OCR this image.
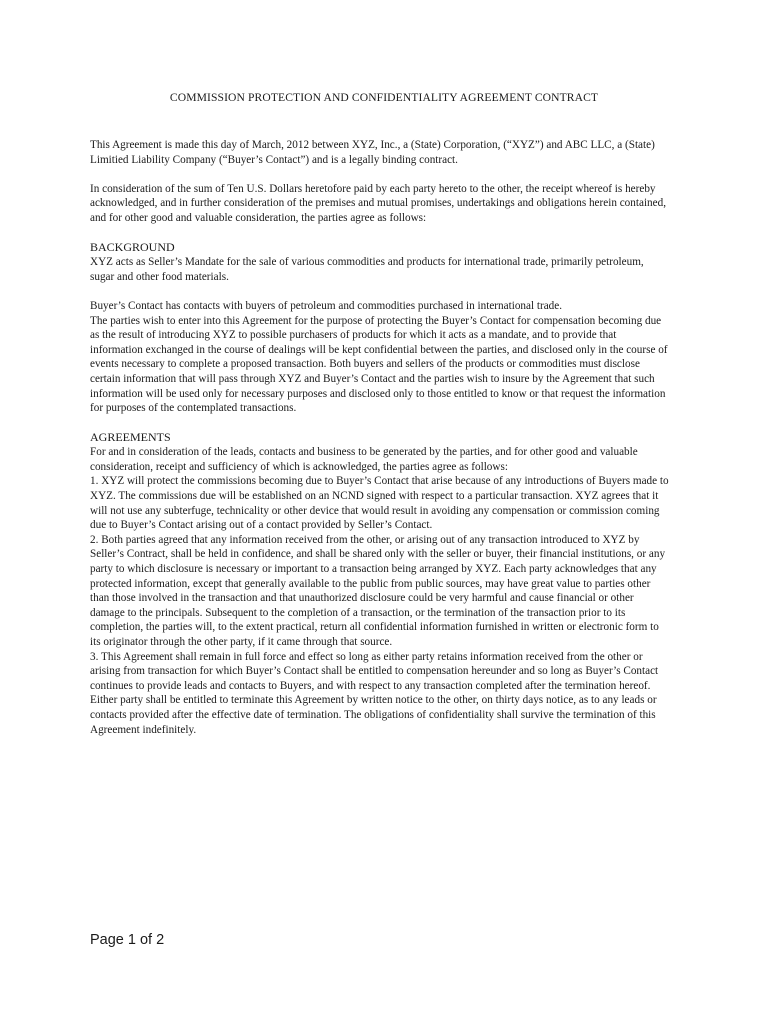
COMMISSION PROTECTION AND CONFIDENTIALITY AGREEMENT CONTRACT

This Agreement is made this day of March, 2012 between XYZ, Inc., a (State) Corporation, (“XYZ”) and ABC LLC, a (State) Limitied Liability Company (“Buyer’s Contact”) and is a legally binding contract.

In consideration of the sum of Ten U.S. Dollars heretofore paid by each party hereto to the other, the receipt whereof is hereby acknowledged, and in further consideration of the premises and mutual promises, undertakings and obligations herein contained, and for other good and valuable consideration, the parties agree as follows:

BACKGROUND

XYZ acts as Seller’s Mandate for the sale of various commodities and products for international trade, primarily petroleum, sugar and other food materials.

Buyer’s Contact has contacts with buyers of petroleum and commodities purchased in international trade.

The parties wish to enter into this Agreement for the purpose of protecting the Buyer’s Contact for compensation becoming due as the result of introducing XYZ to possible purchasers of products for which it acts as a mandate, and to provide that information exchanged in the course of dealings will be kept confidential between the parties, and disclosed only in the course of events necessary to complete a proposed transaction. Both buyers and sellers of the products or commodities must disclose certain information that will pass through XYZ and Buyer’s Contact and the parties wish to insure by the Agreement that such information will be used only for necessary purposes and disclosed only to those entitled to know or that request the information for purposes of the contemplated transactions.

AGREEMENTS

For and in consideration of the leads, contacts and business to be generated by the parties, and for other good and valuable consideration, receipt and sufficiency of which is acknowledged, the parties agree as follows:

1. XYZ will protect the commissions becoming due to Buyer’s Contact that arise because of any introductions of Buyers made to XYZ. The commissions due will be established on an NCND signed with respect to a particular transaction. XYZ agrees that it will not use any subterfuge, technicality or other device that would result in avoiding any compensation or commission coming due to Buyer’s Contact arising out of a contact provided by Seller’s Contact.

2. Both parties agreed that any information received from the other, or arising out of any transaction introduced to XYZ by Seller’s Contract, shall be held in confidence, and shall be shared only with the seller or buyer, their financial institutions, or any party to which disclosure is necessary or important to a transaction being arranged by XYZ. Each party acknowledges that any protected information, except that generally available to the public from public sources, may have great value to parties other than those involved in the transaction and that unauthorized disclosure could be very harmful and cause financial or other damage to the principals. Subsequent to the completion of a transaction, or the termination of the transaction prior to its completion, the parties will, to the extent practical, return all confidential information furnished in written or electronic form to its originator through the other party, if it came through that source.

3. This Agreement shall remain in full force and effect so long as either party retains information received from the other or arising from transaction for which Buyer’s Contact shall be entitled to compensation hereunder and so long as Buyer’s Contact continues to provide leads and contacts to Buyers, and with respect to any transaction completed after the termination hereof. Either party shall be entitled to terminate this Agreement by written notice to the other, on thirty days notice, as to any leads or contacts provided after the effective date of termination. The obligations of confidentiality shall survive the termination of this Agreement indefinitely.

Page 1 of 2
